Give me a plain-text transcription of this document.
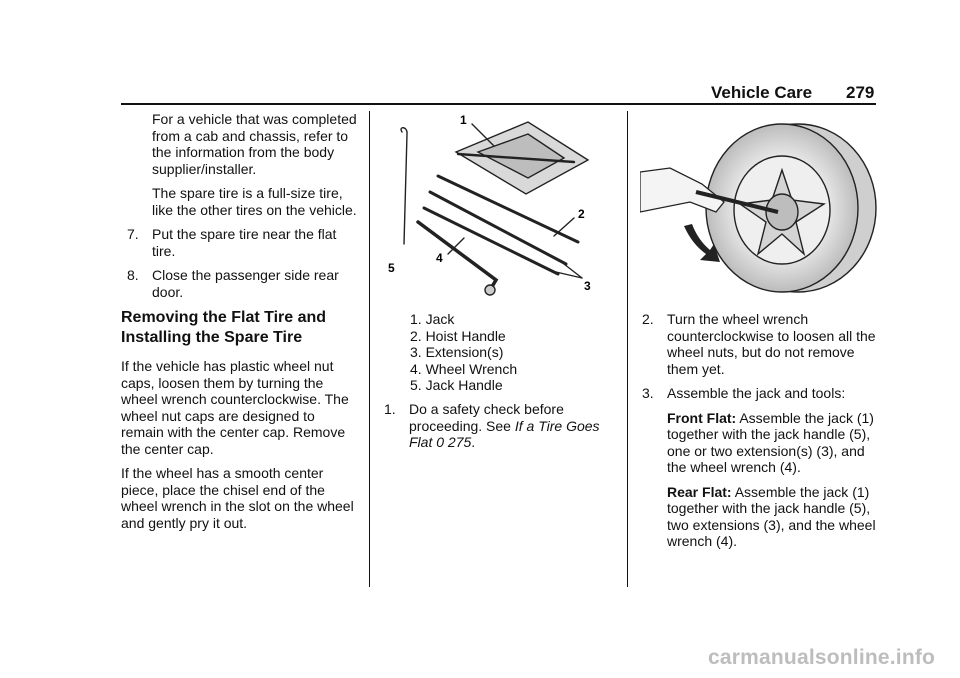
Vehicle Care 279

For a vehicle that was completed from a cab and chassis, refer to the information from the body supplier/installer.

The spare tire is a full-size tire, like the other tires on the vehicle.

7. Put the spare tire near the flat tire.
8. Close the passenger side rear door.
Removing the Flat Tire and Installing the Spare Tire

If the vehicle has plastic wheel nut caps, loosen them by turning the wheel wrench counterclockwise. The wheel nut caps are designed to remain with the center cap. Remove the center cap.

If the wheel has a smooth center piece, place the chisel end of the wheel wrench in the slot on the wheel and gently pry it out.

1
2
3
4
5
1. Jack
2. Hoist Handle
3. Extension(s)
4. Wheel Wrench
5. Jack Handle
1. Do a safety check before proceeding. See If a Tire Goes Flat 0 275.
2. Turn the wheel wrench counterclockwise to loosen all the wheel nuts, but do not remove them yet.
3. Assemble the jack and tools:

Front Flat: Assemble the jack (1) together with the jack handle (5), one or two extension(s) (3), and the wheel wrench (4).

Rear Flat: Assemble the jack (1) together with the jack handle (5), two extensions (3), and the wheel wrench (4).

carmanualsonline.info
